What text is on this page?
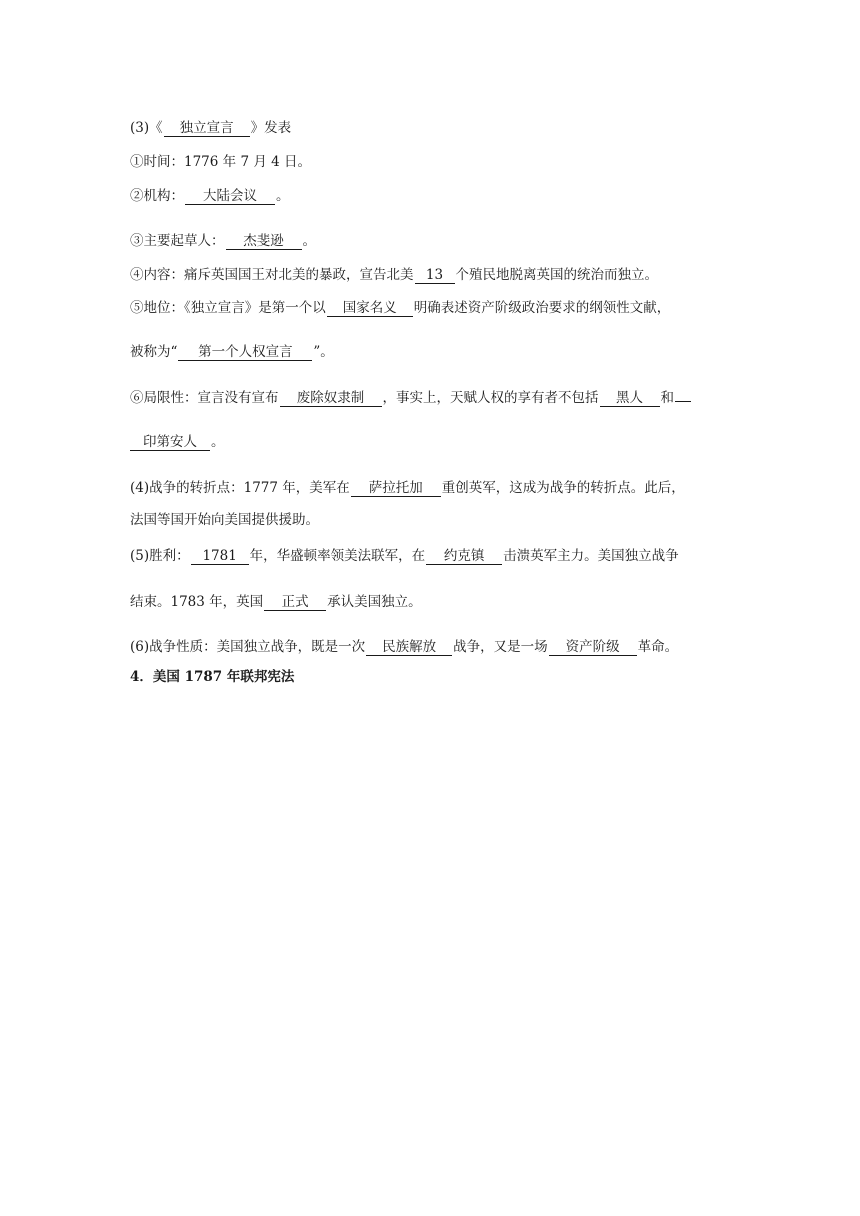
(3)《 独立宣言 》发表
①时间：1776 年 7 月 4 日。
②机构： 大陆会议 。
③主要起草人： 杰斐逊 。
④内容：痛斥英国国王对北美的暴政，宣告北美 13 个殖民地脱离英国的统治而独立。
⑤地位：《独立宣言》是第一个以 国家名义 明确表述资产阶级政治要求的纲领性文献，
被称为“ 第一个人权宣言 ”。
⑥局限性：宣言没有宣布 废除奴隶制 ，事实上，天赋人权的享有者不包括 黑人 和
印第安人 。
(4)战争的转折点：1777 年，美军在 萨拉托加 重创英军，这成为战争的转折点。此后，
法国等国开始向美国提供援助。
(5)胜利： 1781 年，华盛顿率领美法联军，在 约克镇 击溃英军主力。美国独立战争
结束。1783 年，英国 正式 承认美国独立。
(6)战争性质：美国独立战争，既是一次 民族解放 战争，又是一场 资产阶级 革命。
4．美国 1787 年联邦宪法
